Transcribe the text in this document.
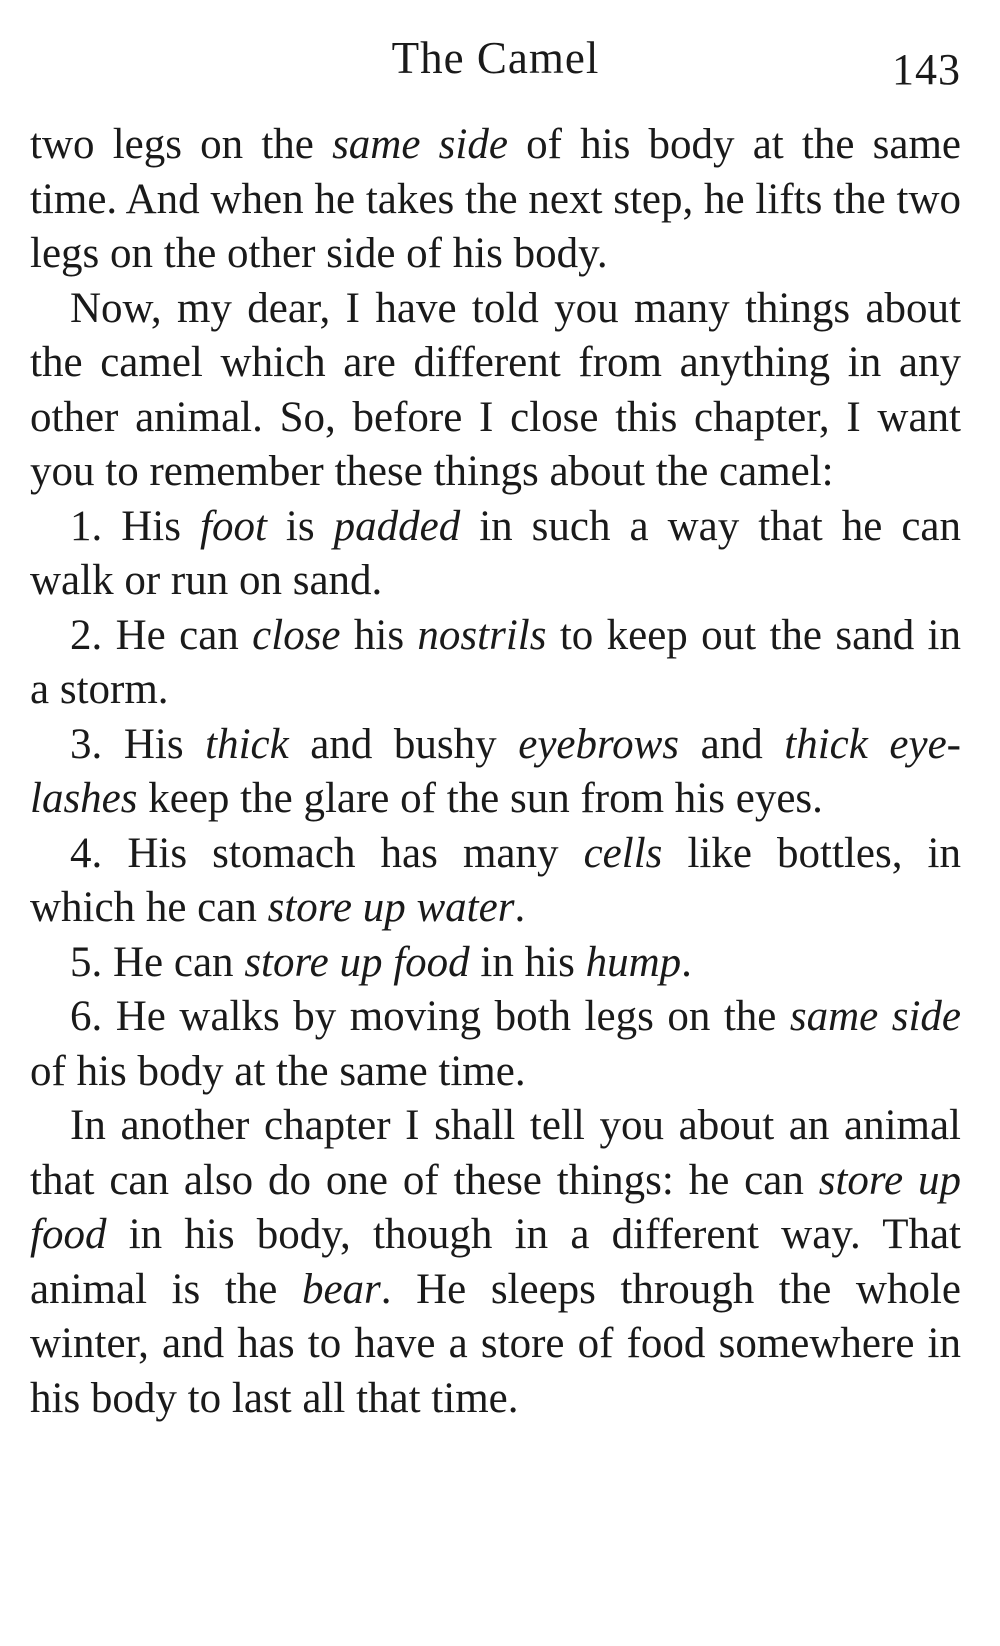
The Camel	143

two legs on the same side of his body at the same time. And when he takes the next step, he lifts the two legs on the other side of his body.

Now, my dear, I have told you many things about the camel which are different from anything in any other animal. So, before I close this chapter, I want you to remember these things about the camel:

1. His foot is padded in such a way that he can walk or run on sand.

2. He can close his nostrils to keep out the sand in a storm.

3. His thick and bushy eyebrows and thick eye-lashes keep the glare of the sun from his eyes.

4. His stomach has many cells like bottles, in which he can store up water.

5. He can store up food in his hump.

6. He walks by moving both legs on the same side of his body at the same time.

In another chapter I shall tell you about an animal that can also do one of these things: he can store up food in his body, though in a different way. That animal is the bear. He sleeps through the whole winter, and has to have a store of food somewhere in his body to last all that time.
